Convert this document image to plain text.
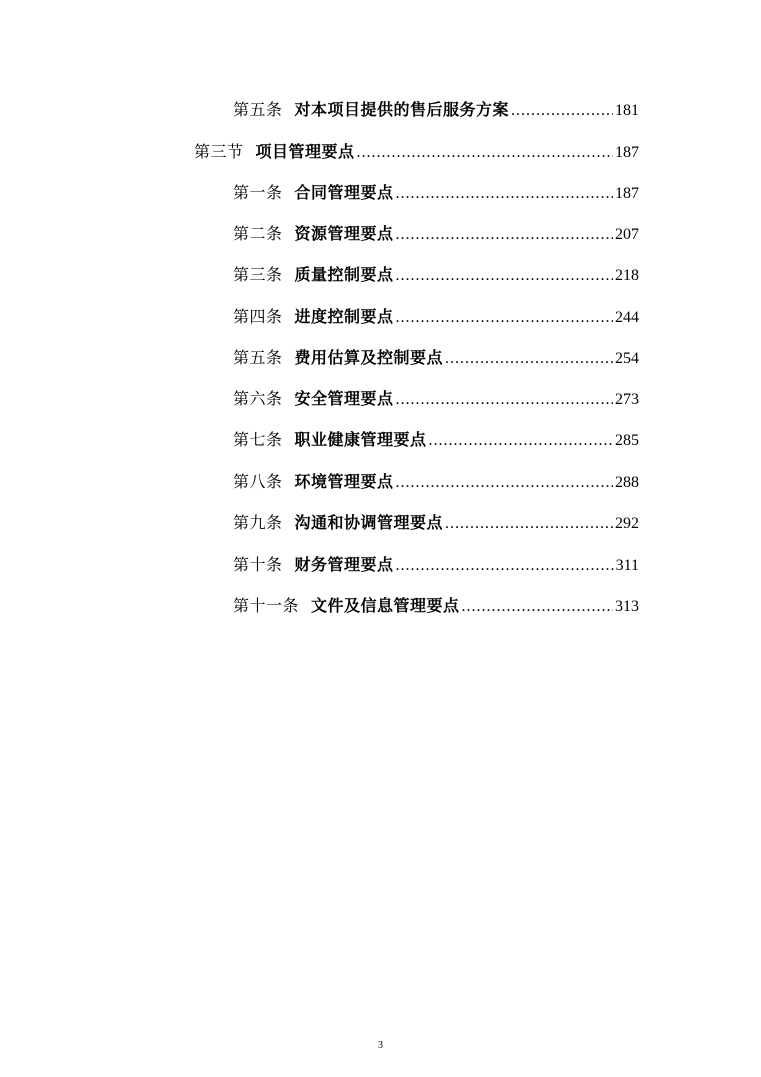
第五条 对本项目提供的售后服务方案 .....	181
第三节 项目管理要点 .....	187
第一条 合同管理要点 .....	187
第二条 资源管理要点 .....	207
第三条 质量控制要点 .....	218
第四条 进度控制要点 .....	244
第五条 费用估算及控制要点 .....	254
第六条 安全管理要点 .....	273
第七条 职业健康管理要点 .....	285
第八条 环境管理要点 .....	288
第九条 沟通和协调管理要点 .....	292
第十条 财务管理要点 .....	311
第十一条 文件及信息管理要点 .....	313
3
